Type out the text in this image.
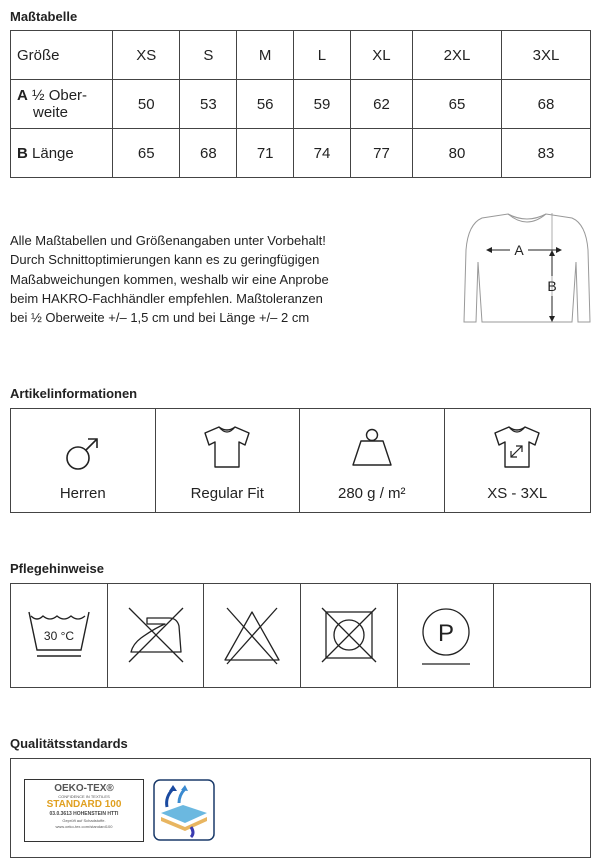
Maßtabelle
Größe	XS	S	M	L	XL	2XL	3XL
A ½ Ober-
weite	50	53	56	59	62	65	68
B Länge	65	68	71	74	77	80	83
Alle Maßtabellen und Größenangaben unter Vorbehalt!
Durch Schnittoptimierungen kann es zu geringfügigen
Maßabweichungen kommen, weshalb wir eine Anprobe
beim HAKRO-Fachhändler empfehlen. Maßtoleranzen
bei ½ Oberweite +/– 1,5 cm und bei Länge +/– 2 cm
A
B
Artikelinformationen
Herren	Regular Fit	280 g / m²	XS - 3XL
Pflegehinweise
30 °C	P
Qualitätsstandards
OEKO-TEX®
CONFIDENCE IN TEXTILES
STANDARD 100
03.0.3613 HOHENSTEIN HTTI
Geprüft auf Schadstoffe.
www.oeko-tex.com/standard100
